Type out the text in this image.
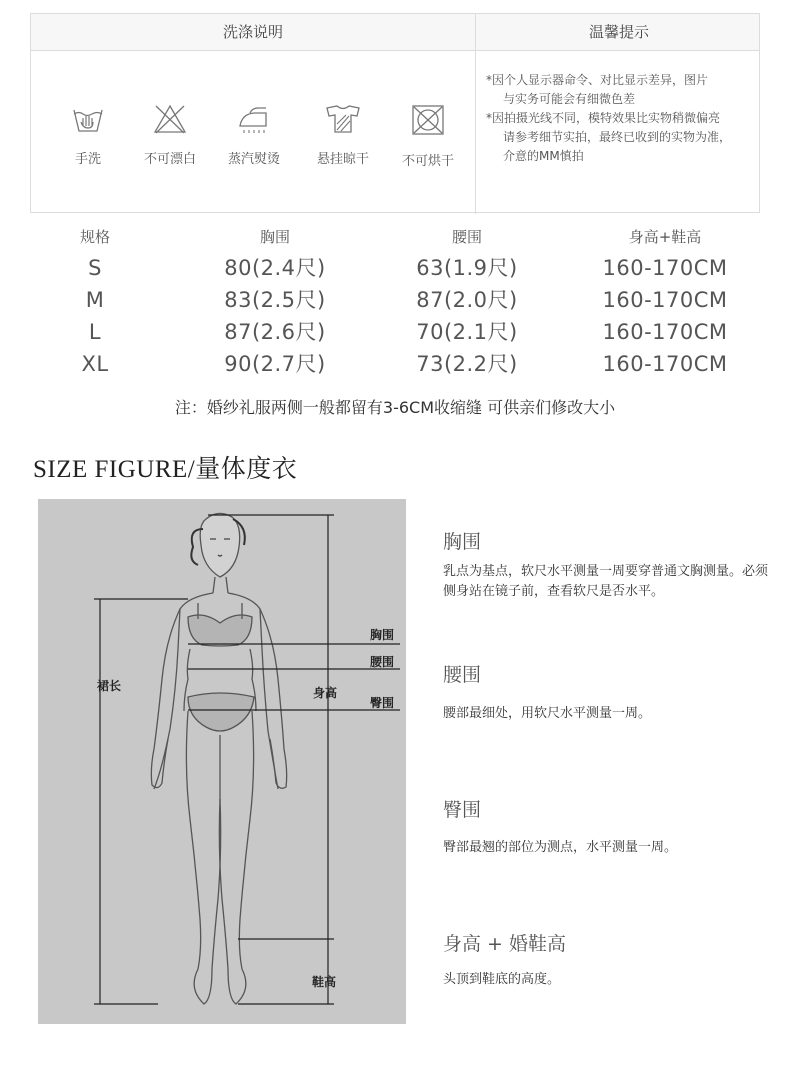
洗涤说明	温馨提示
手洗	不可漂白	蒸汽熨烫	悬挂晾干	不可烘干

*因个人显示器命令、对比显示差异，图片

与实务可能会有细微色差

*因拍摄光线不同，模特效果比实物稍微偏亮

请参考细节实拍，最终已收到的实物为准，

介意的MM慎拍

规格	胸围	腰围	身高+鞋高
S	80(2.4尺)	63(1.9尺)	160-170CM
M	83(2.5尺)	87(2.0尺)	160-170CM
L	87(2.6尺)	70(2.1尺)	160-170CM
XL	90(2.7尺)	73(2.2尺)	160-170CM
注：婚纱礼服两侧一般都留有3-6CM收缩缝 可供亲们修改大小
SIZE FIGURE/量体度衣
裙长	身高
胸围
腰围
臀围
鞋高
胸围
乳点为基点，软尺水平测量一周要穿普通文胸测量。必须侧身站在镜子前，查看软尺是否水平。
腰围
腰部最细处，用软尺水平测量一周。
臀围
臀部最翘的部位为测点，水平测量一周。
身高 + 婚鞋高
头顶到鞋底的高度。
